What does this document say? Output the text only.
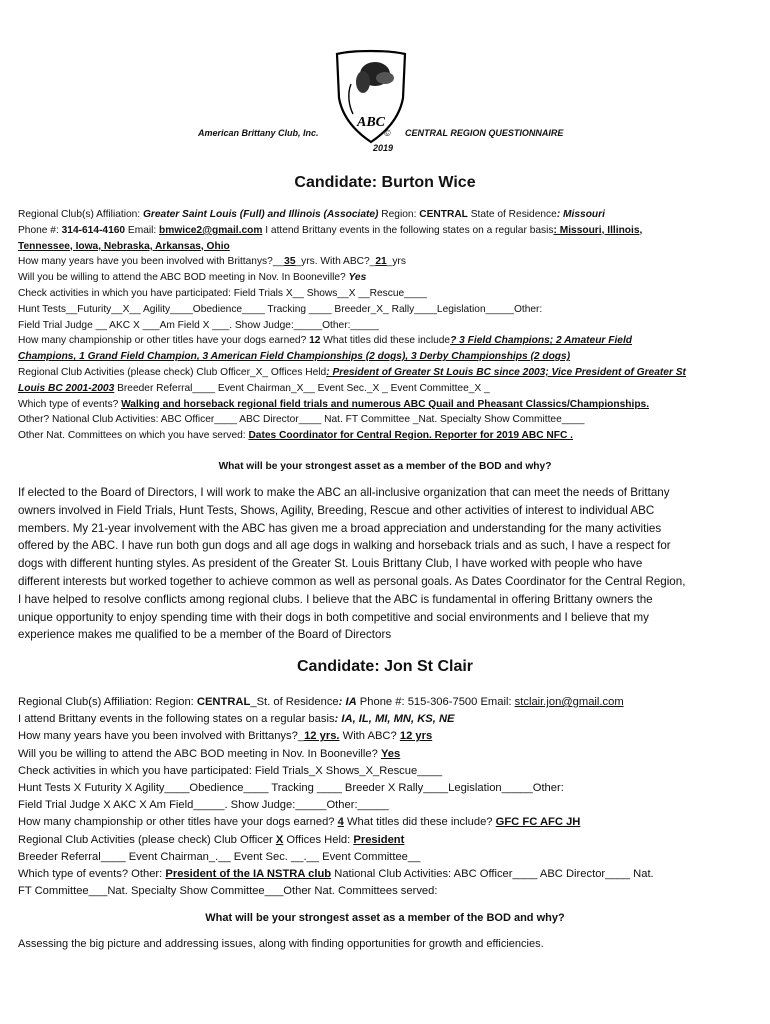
ABC
American Brittany Club, Inc.	© CENTRAL REGION QUESTIONNAIRE
2019
Candidate: Burton Wice
Regional Club(s) Affiliation: Greater Saint Louis (Full) and Illinois (Associate) Region: CENTRAL State of Residence: Missouri
Phone #: 314-614-4160 Email: bmwice2@gmail.com I attend Brittany events in the following states on a regular basis: Missouri, Illinois,
Tennessee, Iowa, Nebraska, Arkansas, Ohio
How many years have you been involved with Brittanys?__35_yrs. With ABC?_21_yrs
Will you be willing to attend the ABC BOD meeting in Nov. In Booneville? Yes
Check activities in which you have participated: Field Trials X__ Shows__X __Rescue____
Hunt Tests__Futurity__X__ Agility____Obedience____ Tracking ____ Breeder_X_ Rally____Legislation_____Other:
Field Trial Judge __ AKC X ___Am Field X ___. Show Judge:_____Other:_____
How many championship or other titles have your dogs earned? 12 What titles did these include? 3 Field Champions; 2 Amateur Field
Champions, 1 Grand Field Champion, 3 American Field Championships (2 dogs), 3 Derby Championships (2 dogs)
Regional Club Activities (please check) Club Officer_X_ Offices Held: President of Greater St Louis BC since 2003; Vice President of Greater St
Louis BC 2001-2003 Breeder Referral____ Event Chairman_X__ Event Sec._X _ Event Committee_X _
Which type of events? Walking and horseback regional field trials and numerous ABC Quail and Pheasant Classics/Championships.
Other? National Club Activities: ABC Officer____ ABC Director____ Nat. FT Committee _Nat. Specialty Show Committee____
Other Nat. Committees on which you have served: Dates Coordinator for Central Region. Reporter for 2019 ABC NFC .
What will be your strongest asset as a member of the BOD and why?
If elected to the Board of Directors, I will work to make the ABC an all-inclusive organization that can meet the needs of Brittany
owners involved in Field Trials, Hunt Tests, Shows, Agility, Breeding, Rescue and other activities of interest to individual ABC
members. My 21-year involvement with the ABC has given me a broad appreciation and understanding for the many activities
offered by the ABC. I have run both gun dogs and all age dogs in walking and horseback trials and as such, I have a respect for
dogs with different hunting styles. As president of the Greater St. Louis Brittany Club, I have worked with people who have
different interests but worked together to achieve common as well as personal goals. As Dates Coordinator for the Central Region,
I have helped to resolve conflicts among regional clubs. I believe that the ABC is fundamental in offering Brittany owners the
unique opportunity to enjoy spending time with their dogs in both competitive and social environments and I believe that my
experience makes me qualified to be a member of the Board of Directors
Candidate: Jon St Clair
Regional Club(s) Affiliation: Region: CENTRAL_St. of Residence: IA Phone #: 515-306-7500 Email: stclair.jon@gmail.com
I attend Brittany events in the following states on a regular basis: IA, IL, MI, MN, KS, NE
How many years have you been involved with Brittanys?_12 yrs. With ABC? 12 yrs
Will you be willing to attend the ABC BOD meeting in Nov. In Booneville? Yes
Check activities in which you have participated: Field Trials_X Shows_X_Rescue____
Hunt Tests X Futurity X Agility____Obedience____ Tracking ____ Breeder X Rally____Legislation_____Other:
Field Trial Judge X AKC X Am Field_____. Show Judge:_____Other:_____
How many championship or other titles have your dogs earned? 4 What titles did these include? GFC FC AFC JH
Regional Club Activities (please check) Club Officer X Offices Held: President
Breeder Referral____ Event Chairman_.__ Event Sec. __.__ Event Committee__
Which type of events? Other: President of the IA NSTRA club National Club Activities: ABC Officer____ ABC Director____ Nat.
FT Committee___Nat. Specialty Show Committee___Other Nat. Committees served:
What will be your strongest asset as a member of the BOD and why?
Assessing the big picture and addressing issues, along with finding opportunities for growth and efficiencies.
